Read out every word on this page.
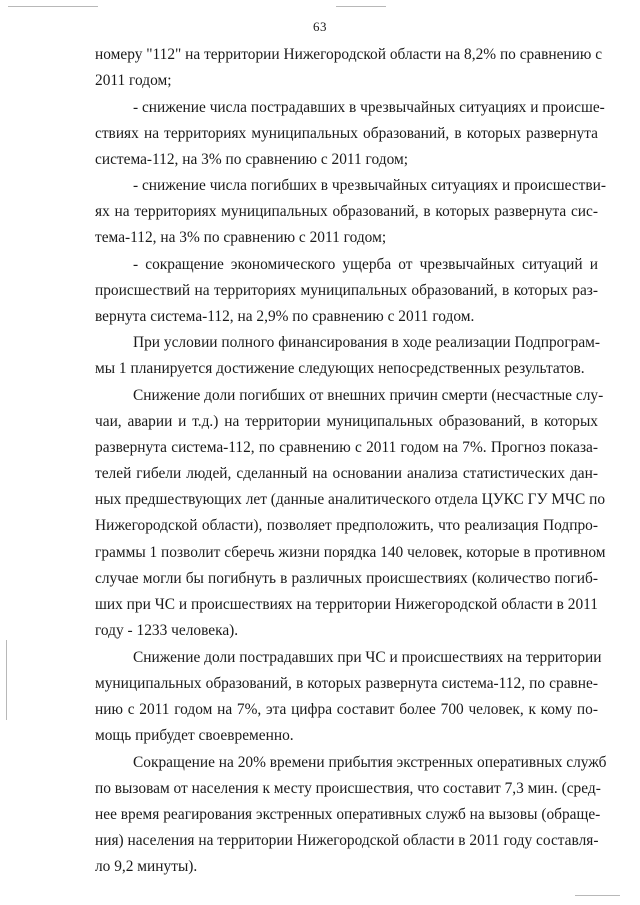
63
номеру "112" на территории Нижегородской области на 8,2% по сравнению с
2011 годом;
- снижение числа пострадавших в чрезвычайных ситуациях и происше-
ствиях на территориях муниципальных образований, в которых развернута
система-112, на 3% по сравнению с 2011 годом;
- снижение числа погибших в чрезвычайных ситуациях и происшестви-
ях на территориях муниципальных образований, в которых развернута сис-
тема-112, на 3% по сравнению с 2011 годом;
- сокращение экономического ущерба от чрезвычайных ситуаций и
происшествий на территориях муниципальных образований, в которых раз-
вернута система-112, на 2,9% по сравнению с 2011 годом.
При условии полного финансирования в ходе реализации Подпрограм-
мы 1 планируется достижение следующих непосредственных результатов.
Снижение доли погибших от внешних причин смерти (несчастные слу-
чаи, аварии и т.д.) на территории муниципальных образований, в которых
развернута система-112, по сравнению с 2011 годом на 7%. Прогноз показа-
телей гибели людей, сделанный на основании анализа статистических дан-
ных предшествующих лет (данные аналитического отдела ЦУКС ГУ МЧС по
Нижегородской области), позволяет предположить, что реализация Подпро-
граммы 1 позволит сберечь жизни порядка 140 человек, которые в противном
случае могли бы погибнуть в различных происшествиях (количество погиб-
ших при ЧС и происшествиях на территории Нижегородской области в 2011
году - 1233 человека).
Снижение доли пострадавших при ЧС и происшествиях на территории
муниципальных образований, в которых развернута система-112, по сравне-
нию с 2011 годом на 7%, эта цифра составит более 700 человек, к кому по-
мощь прибудет своевременно.
Сокращение на 20% времени прибытия экстренных оперативных служб
по вызовам от населения к месту происшествия, что составит 7,3 мин. (сред-
нее время реагирования экстренных оперативных служб на вызовы (обраще-
ния) населения на территории Нижегородской области в 2011 году составля-
ло 9,2 минуты).
